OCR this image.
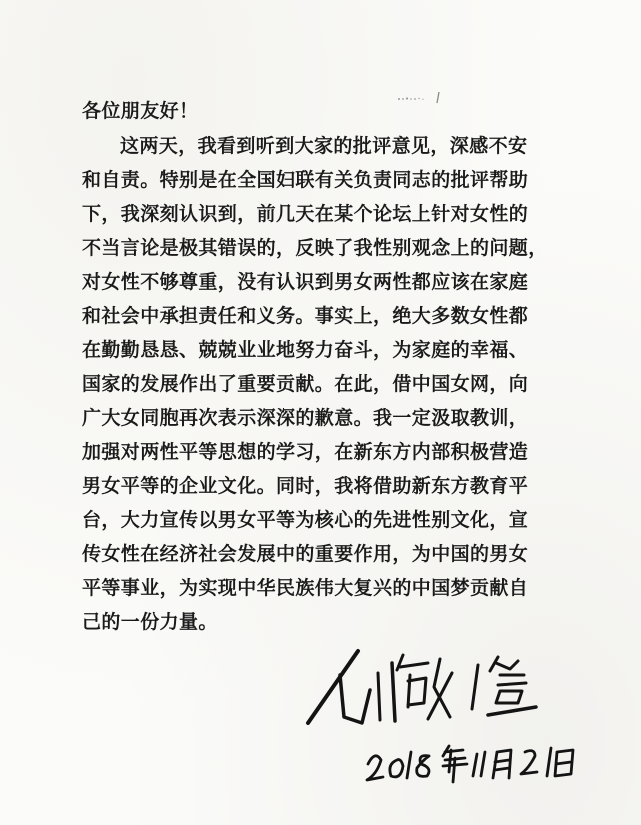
各位朋友好！
这两天，我看到听到大家的批评意见，深感不安
和自责。特别是在全国妇联有关负责同志的批评帮助
下，我深刻认识到，前几天在某个论坛上针对女性的
不当言论是极其错误的，反映了我性别观念上的问题，
对女性不够尊重，没有认识到男女两性都应该在家庭
和社会中承担责任和义务。事实上，绝大多数女性都
在勤勤恳恳、兢兢业业地努力奋斗，为家庭的幸福、
国家的发展作出了重要贡献。在此，借中国女网，向
广大女同胞再次表示深深的歉意。我一定汲取教训，
加强对两性平等思想的学习，在新东方内部积极营造
男女平等的企业文化。同时，我将借助新东方教育平
台，大力宣传以男女平等为核心的先进性别文化，宣
传女性在经济社会发展中的重要作用，为中国的男女
平等事业，为实现中华民族伟大复兴的中国梦贡献自
己的一份力量。
